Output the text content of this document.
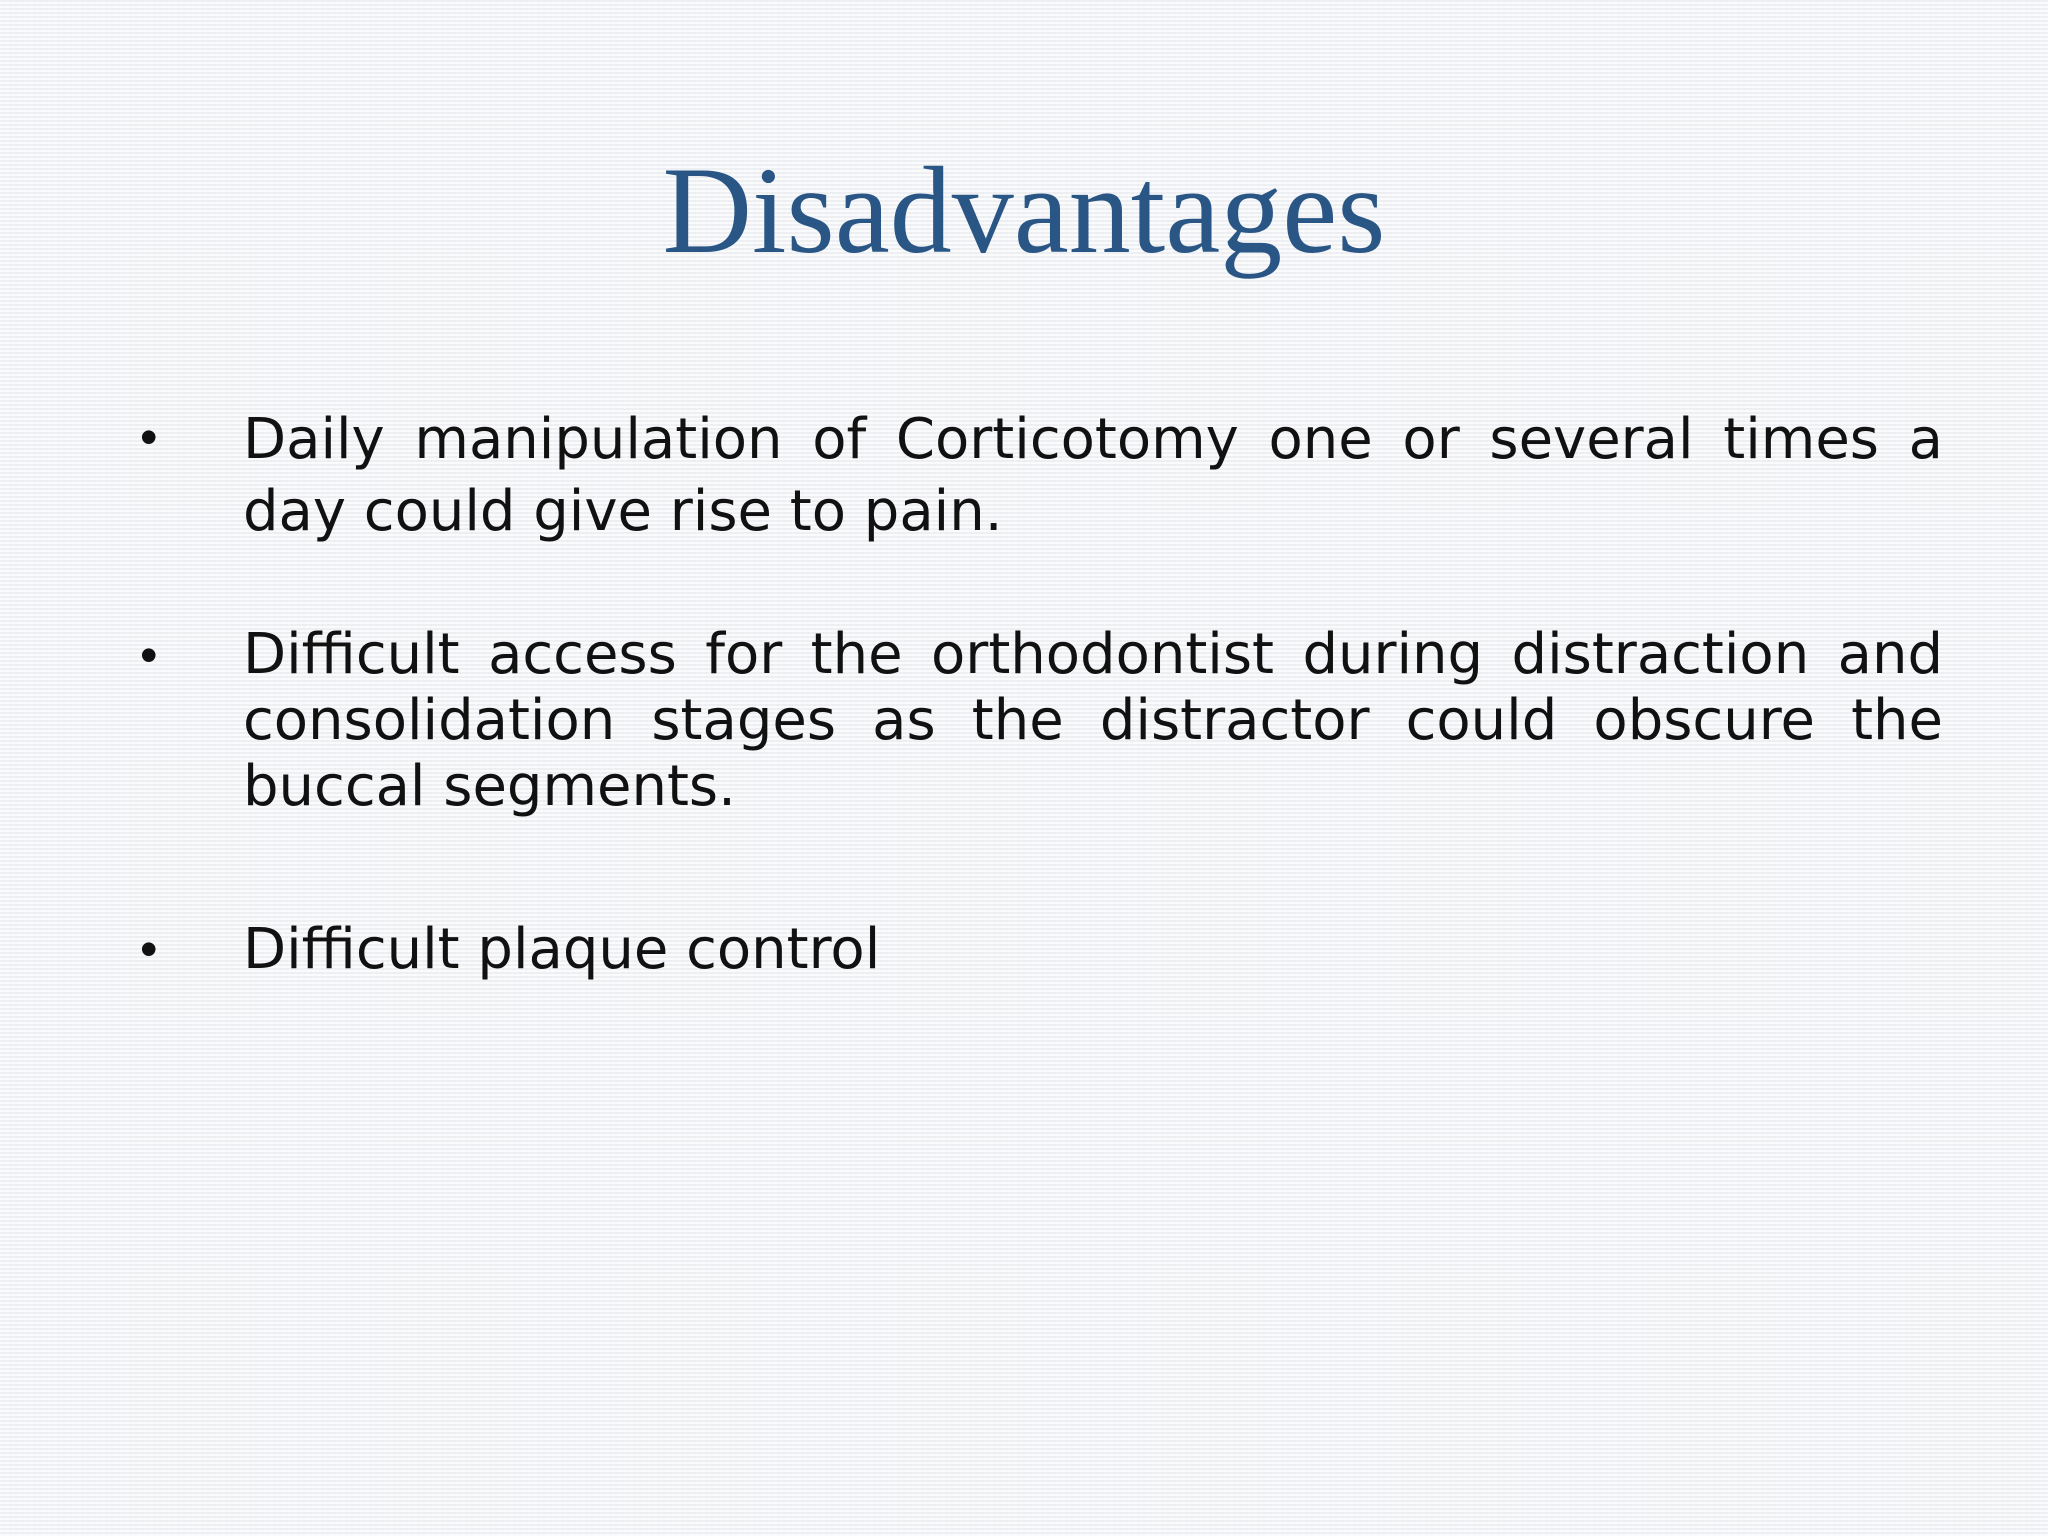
Disadvantages
• Daily manipulation of Corticotomy one or several times a day could give rise to pain.

• Difficult access for the orthodontist during distraction and consolidation stages as the distractor could obscure the buccal segments.

• Difficult plaque control
